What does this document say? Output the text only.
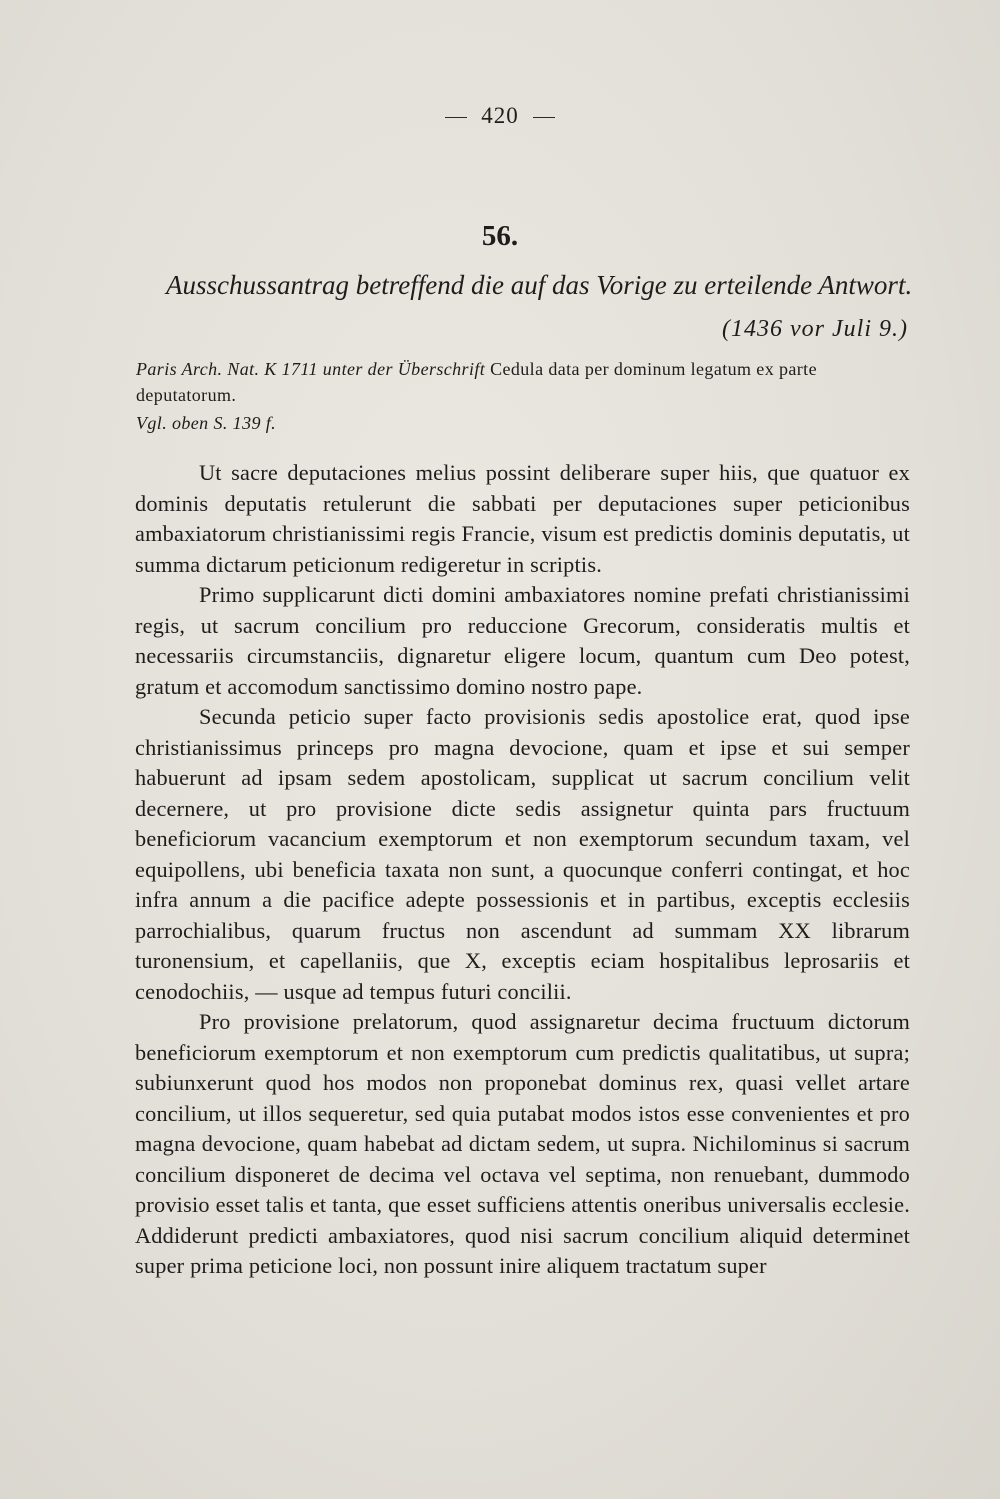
420
56.
Ausschussantrag betreffend die auf das Vorige zu erteilende Antwort.
(1436 vor Juli 9.)
Paris Arch. Nat. K 1711 unter der Überschrift Cedula data per dominum legatum ex parte deputatorum.
Vgl. oben S. 139 f.

Ut sacre deputaciones melius possint deliberare super hiis, que quatuor ex dominis deputatis retulerunt die sabbati per deputaciones super peticionibus ambaxiatorum christianissimi regis Francie, visum est predictis dominis deputatis, ut summa dictarum peticionum redigeretur in scriptis.

Primo supplicarunt dicti domini ambaxiatores nomine prefati christianissimi regis, ut sacrum concilium pro reduccione Grecorum, consideratis multis et necessariis circumstanciis, dignaretur eligere locum, quantum cum Deo potest, gratum et accomodum sanctissimo domino nostro pape.

Secunda peticio super facto provisionis sedis apostolice erat, quod ipse christianissimus princeps pro magna devocione, quam et ipse et sui semper habuerunt ad ipsam sedem apostolicam, supplicat ut sacrum concilium velit decernere, ut pro provisione dicte sedis assignetur quinta pars fructuum beneficiorum vacancium exemptorum et non exemptorum secundum taxam, vel equipollens, ubi beneficia taxata non sunt, a quocunque conferri contingat, et hoc infra annum a die pacifice adepte possessionis et in partibus, exceptis ecclesiis parrochialibus, quarum fructus non ascendunt ad summam XX librarum turonensium, et capellaniis, que X, exceptis eciam hospitalibus leprosariis et cenodochiis, — usque ad tempus futuri concilii.

Pro provisione prelatorum, quod assignaretur decima fructuum dictorum beneficiorum exemptorum et non exemptorum cum predictis qualitatibus, ut supra; subiunxerunt quod hos modos non proponebat dominus rex, quasi vellet artare concilium, ut illos sequeretur, sed quia putabat modos istos esse convenientes et pro magna devocione, quam habebat ad dictam sedem, ut supra. Nichilominus si sacrum concilium disponeret de decima vel octava vel septima, non renuebant, dummodo provisio esset talis et tanta, que esset sufficiens attentis oneribus universalis ecclesie. Addiderunt predicti ambaxiatores, quod nisi sacrum concilium aliquid determinet super prima peticione loci, non possunt inire aliquem tractatum super
